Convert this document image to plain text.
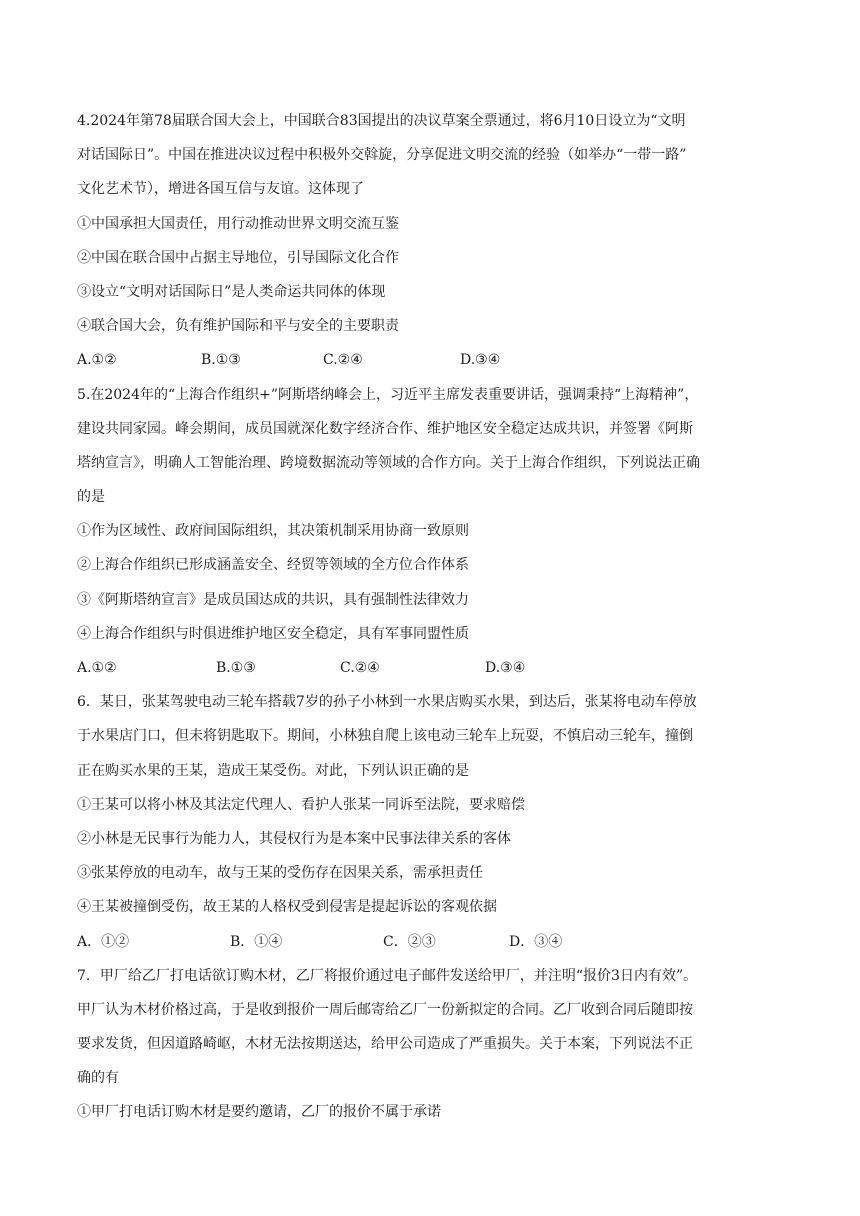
4.2024年第78届联合国大会上，中国联合83国提出的决议草案全票通过，将6月10日设立为“文明
对话国际日”。中国在推进决议过程中积极外交斡旋，分享促进文明交流的经验（如举办“一带一路”
文化艺术节），增进各国互信与友谊。这体现了
①中国承担大国责任，用行动推动世界文明交流互鉴
②中国在联合国中占据主导地位，引导国际文化合作
③设立“文明对话国际日”是人类命运共同体的体现
④联合国大会，负有维护国际和平与安全的主要职责
A.①②	B.①③	C.②④	D.③④
5.在2024年的“上海合作组织+”阿斯塔纳峰会上，习近平主席发表重要讲话，强调秉持“上海精神”，
建设共同家园。峰会期间，成员国就深化数字经济合作、维护地区安全稳定达成共识，并签署《阿斯
塔纳宣言》，明确人工智能治理、跨境数据流动等领域的合作方向。关于上海合作组织，下列说法正确
的是
①作为区域性、政府间国际组织，其决策机制采用协商一致原则
②上海合作组织已形成涵盖安全、经贸等领域的全方位合作体系
③《阿斯塔纳宣言》是成员国达成的共识，具有强制性法律效力
④上海合作组织与时俱进维护地区安全稳定，具有军事同盟性质
A.①②	B.①③	C.②④	D.③④
6．某日，张某驾驶电动三轮车搭载7岁的孙子小林到一水果店购买水果，到达后，张某将电动车停放
于水果店门口，但未将钥匙取下。期间，小林独自爬上该电动三轮车上玩耍，不慎启动三轮车，撞倒
正在购买水果的王某，造成王某受伤。对此，下列认识正确的是
①王某可以将小林及其法定代理人、看护人张某一同诉至法院，要求赔偿
②小林是无民事行为能力人，其侵权行为是本案中民事法律关系的客体
③张某停放的电动车，故与王某的受伤存在因果关系，需承担责任
④王某被撞倒受伤，故王某的人格权受到侵害是提起诉讼的客观依据
A．①②	B．①④	C．②③	D．③④
7．甲厂给乙厂打电话欲订购木材，乙厂将报价通过电子邮件发送给甲厂，并注明“报价3日内有效”。
甲厂认为木材价格过高，于是收到报价一周后邮寄给乙厂一份新拟定的合同。乙厂收到合同后随即按
要求发货，但因道路崎岖，木材无法按期送达，给甲公司造成了严重损失。关于本案，下列说法不正
确的有
①甲厂打电话订购木材是要约邀请，乙厂的报价不属于承诺
